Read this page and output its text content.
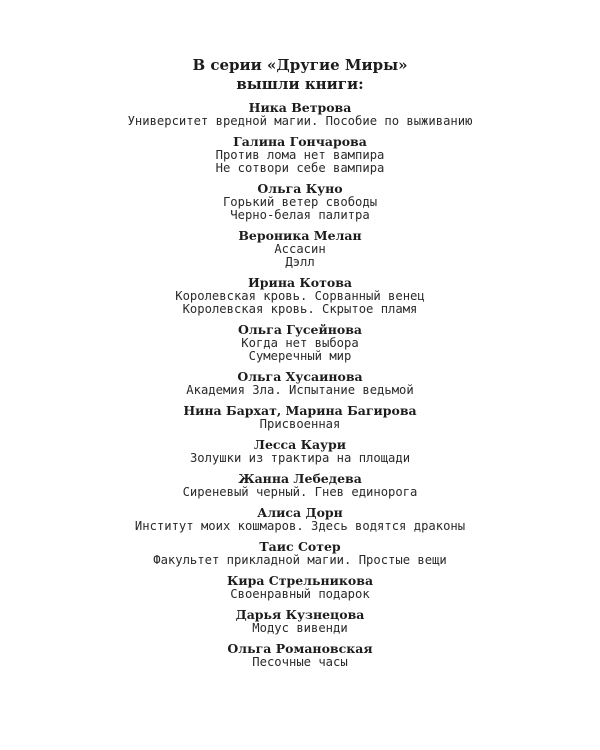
В серии «Другие Миры»
вышли книги:
Ника Ветрова
Университет вредной магии. Пособие по выживанию
Галина Гончарова
Против лома нет вампира
Не сотвори себе вампира
Ольга Куно
Горький ветер свободы
Черно-белая палитра
Вероника Мелан
Ассасин
Дэлл
Ирина Котова
Королевская кровь. Сорванный венец
Королевская кровь. Скрытое пламя
Ольга Гусейнова
Когда нет выбора
Сумеречный мир
Ольга Хусаинова
Академия Зла. Испытание ведьмой
Нина Бархат, Марина Багирова
Присвоенная
Лесса Каури
Золушки из трактира на площади
Жанна Лебедева
Сиреневый черный. Гнев единорога
Алиса Дорн
Институт моих кошмаров. Здесь водятся драконы
Таис Сотер
Факультет прикладной магии. Простые вещи
Кира Стрельникова
Своенравный подарок
Дарья Кузнецова
Модус вивенди
Ольга Романовская
Песочные часы
